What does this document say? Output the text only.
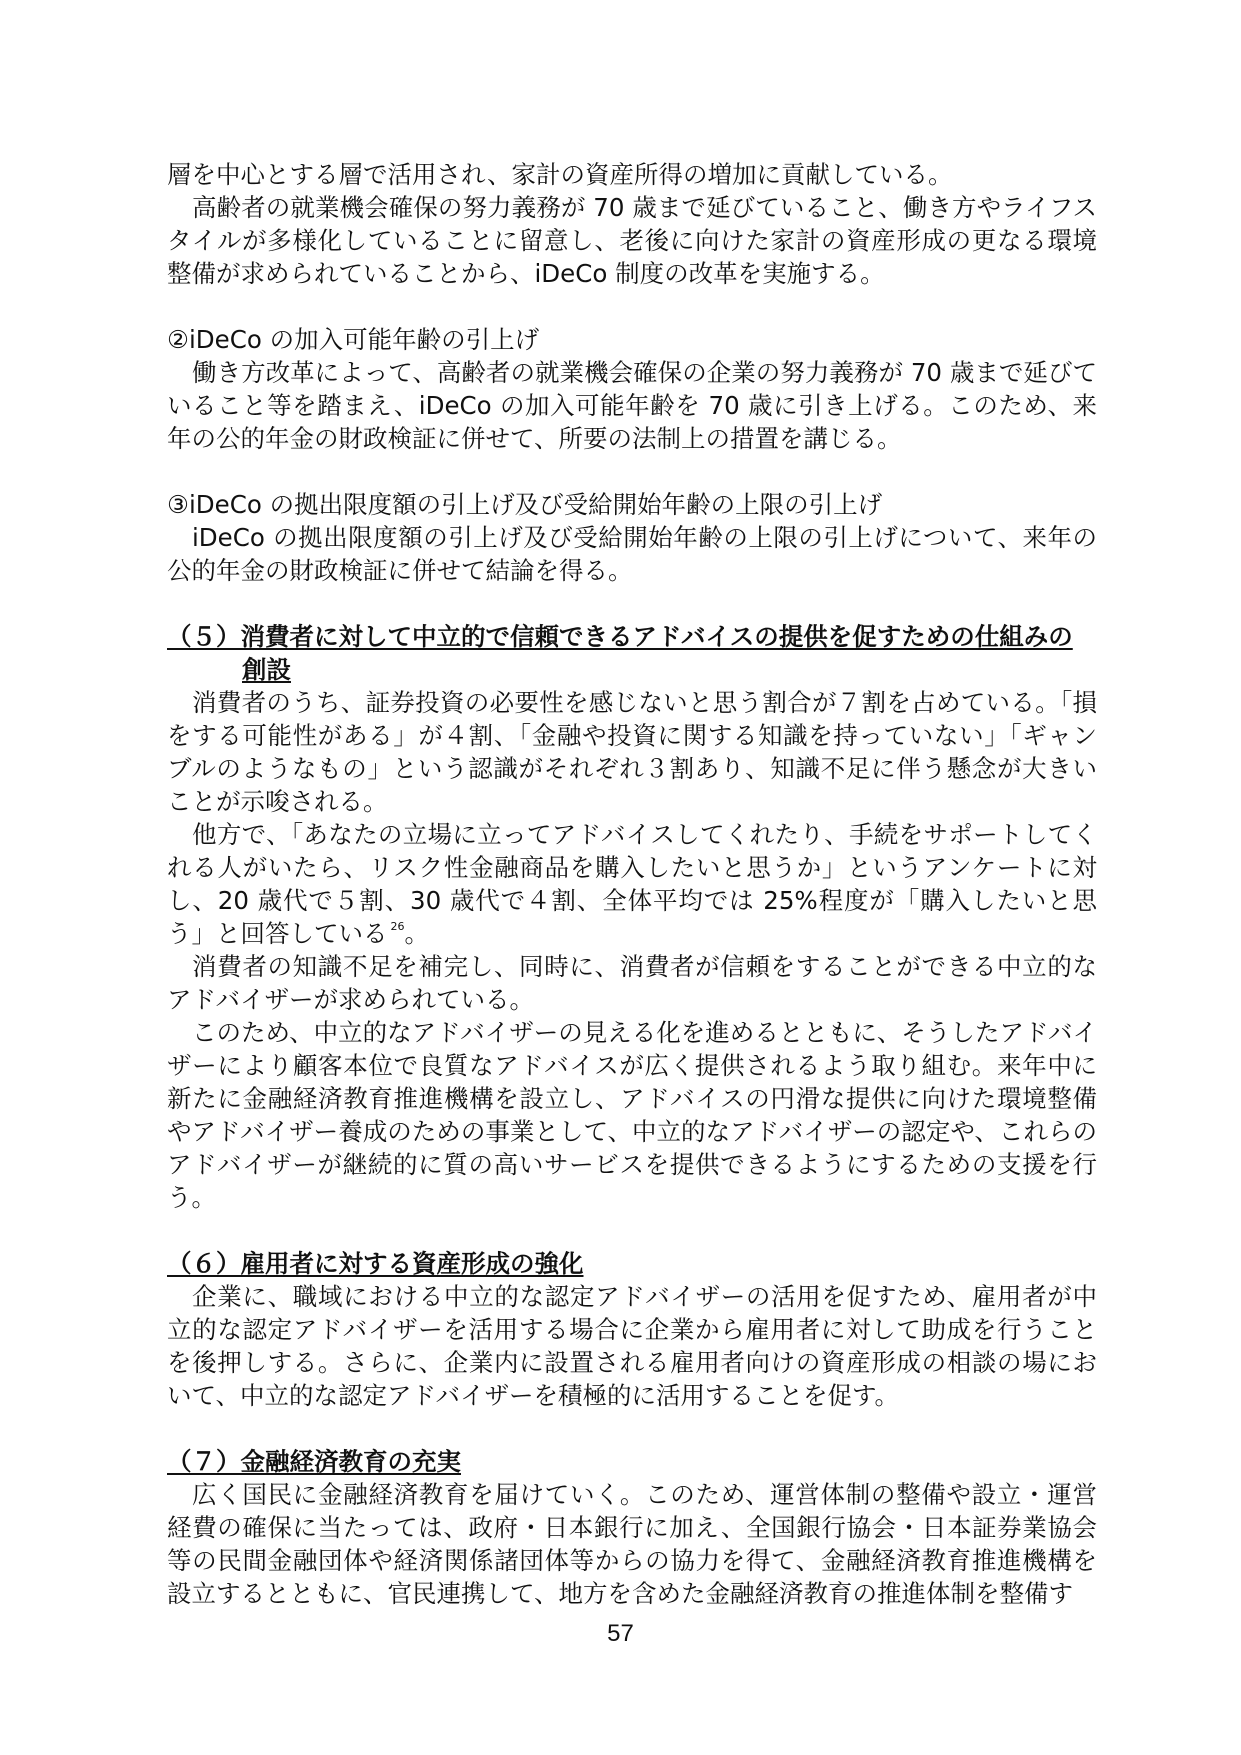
層を中心とする層で活用され、家計の資産所得の増加に貢献している。

高齢者の就業機会確保の努力義務が 70 歳まで延びていること、働き方やライフスタイルが多様化していることに留意し、老後に向けた家計の資産形成の更なる環境整備が求められていることから、iDeCo 制度の改革を実施する。

②iDeCo の加入可能年齢の引上げ

働き方改革によって、高齢者の就業機会確保の企業の努力義務が 70 歳まで延びていること等を踏まえ、iDeCo の加入可能年齢を 70 歳に引き上げる。このため、来年の公的年金の財政検証に併せて、所要の法制上の措置を講じる。

③iDeCo の拠出限度額の引上げ及び受給開始年齢の上限の引上げ

iDeCo の拠出限度額の引上げ及び受給開始年齢の上限の引上げについて、来年の公的年金の財政検証に併せて結論を得る。

（５）消費者に対して中立的で信頼できるアドバイスの提供を促すための仕組みの創設

消費者のうち、証券投資の必要性を感じないと思う割合が７割を占めている。「損をする可能性がある」が４割、「金融や投資に関する知識を持っていない」「ギャンブルのようなもの」という認識がそれぞれ３割あり、知識不足に伴う懸念が大きいことが示唆される。

他方で、「あなたの立場に立ってアドバイスしてくれたり、手続をサポートしてくれる人がいたら、リスク性金融商品を購入したいと思うか」というアンケートに対し、20 歳代で５割、30 歳代で４割、全体平均では 25%程度が「購入したいと思う」と回答している $^{26}$。

消費者の知識不足を補完し、同時に、消費者が信頼をすることができる中立的なアドバイザーが求められている。

このため、中立的なアドバイザーの見える化を進めるとともに、そうしたアドバイザーにより顧客本位で良質なアドバイスが広く提供されるよう取り組む。来年中に新たに金融経済教育推進機構を設立し、アドバイスの円滑な提供に向けた環境整備やアドバイザー養成のための事業として、中立的なアドバイザーの認定や、これらのアドバイザーが継続的に質の高いサービスを提供できるようにするための支援を行う。

（６）雇用者に対する資産形成の強化

企業に、職域における中立的な認定アドバイザーの活用を促すため、雇用者が中立的な認定アドバイザーを活用する場合に企業から雇用者に対して助成を行うことを後押しする。さらに、企業内に設置される雇用者向けの資産形成の相談の場において、中立的な認定アドバイザーを積極的に活用することを促す。

（７）金融経済教育の充実

広く国民に金融経済教育を届けていく。このため、運営体制の整備や設立・運営経費の確保に当たっては、政府・日本銀行に加え、全国銀行協会・日本証券業協会等の民間金融団体や経済関係諸団体等からの協力を得て、金融経済教育推進機構を設立するとともに、官民連携して、地方を含めた金融経済教育の推進体制を整備す

57
